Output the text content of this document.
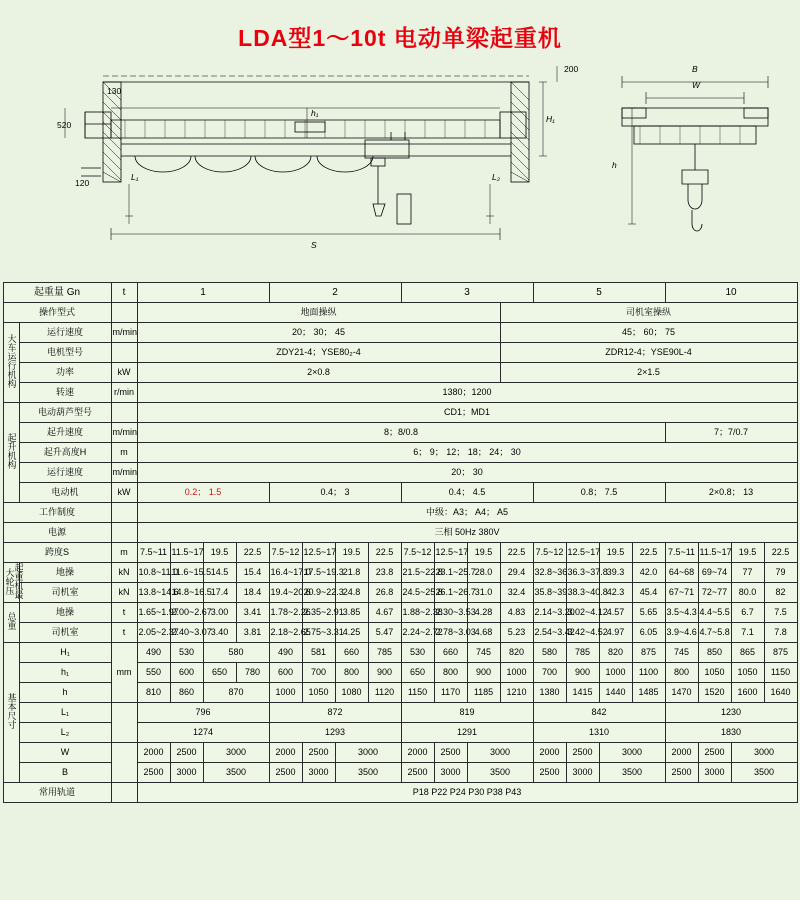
LDA型1～10t 电动单梁起重机
200
130
520
120
L₁	L₂
h₁
H₁
S
B
W
h
起重量 Gn		t	1				2				3				5				10			
操作型式			地面操纵											司机室操纵								
大车运行机构	运行速度	m/min	20； 30； 45											45； 60； 75								
	电机型号		ZDY21-4；YSE80₂-4											ZDR12-4；YSE90L-4								
	功率	kW	2×0.8											2×1.5								
	转速	r/min	1380；1200																			
起升机构	电动葫芦型号		CD1；MD1																			
	起升速度	m/min	8；8/0.8																7；7/0.7			
	起升高度H	m	6； 9； 12； 18； 24； 30																			
	运行速度	m/min	20； 30																			
	电动机	kW	0.2； 1.5				0.4； 3				0.4； 4.5				0.8； 7.5				2×0.8； 13			
工作制度			中级：A3； A4； A5																			
电源			三相 50Hz 380V																			
跨度S		m	7.5~11	11.5~17	19.5	22.5	7.5~12	12.5~17	19.5	22.5	7.5~12	12.5~17	19.5	22.5	7.5~12	12.5~17	19.5	22.5	7.5~11	11.5~17	19.5	22.5
起重机最大轮压	地操	kN	10.8~11.0	11.6~15.5	14.5	15.4	16.4~17.0	17.5~19.3	21.8	23.8	21.5~22.8	23.1~25.7	28.0	29.4	32.8~36	36.3~37.8	39.3	42.0	64~68	69~74	77	79
	司机室	kN	13.8~14.6	14.8~16.5	17.4	18.4	19.4~20.6	20.9~22.3	24.8	26.8	24.5~25.8	26.1~26.7	31.0	32.4	35.8~39	38.3~40.8	42.3	45.4	67~71	72~77	80.0	82
总重	地操	t	1.65~1.97	2.00~2.67	3.00	3.41	1.78~2.26	2.35~2.91	3.85	4.67	1.88~2.38	2.30~3.53	4.28	4.83	2.14~3.20	3.02~4.12	4.57	5.65	3.5~4.3	4.4~5.5	6.7	7.5
	司机室	t	2.05~2.37	2.40~3.07	3.40	3.81	2.18~2.65	2.75~3.31	4.25	5.47	2.24~2.72	2.78~3.03	4.68	5.23	2.54~3.42	3.42~4.52	4.97	6.05	3.9~4.6	4.7~5.8	7.1	7.8
基本尺寸	H₁	mm	490	530	580		490	581	660	785	530	660	745	820	580	785	820	875	745	850	865	875
	h₁		550	600	650	780	600	700	800	900	650	800	900	1000	700	900	1000	1100	800	1050	1050	1150
	h		810	860	870		1000	1050	1080	1120	1150	1170	1185	1210	1380	1415	1440	1485	1470	1520	1600	1640
	L₁		796				872				819				842				1230			
	L₂		1274				1293				1291				1310				1830			
	W		2000	2500	3000		2000	2500	3000		2000	2500	3000		2000	2500	3000		2000	2500	3000	
	B		2500	3000	3500		2500	3000	3500		2500	3000	3500		2500	3000	3500		2500	3000	3500	
常用轨道			P18 P22 P24 P30 P38 P43																			
